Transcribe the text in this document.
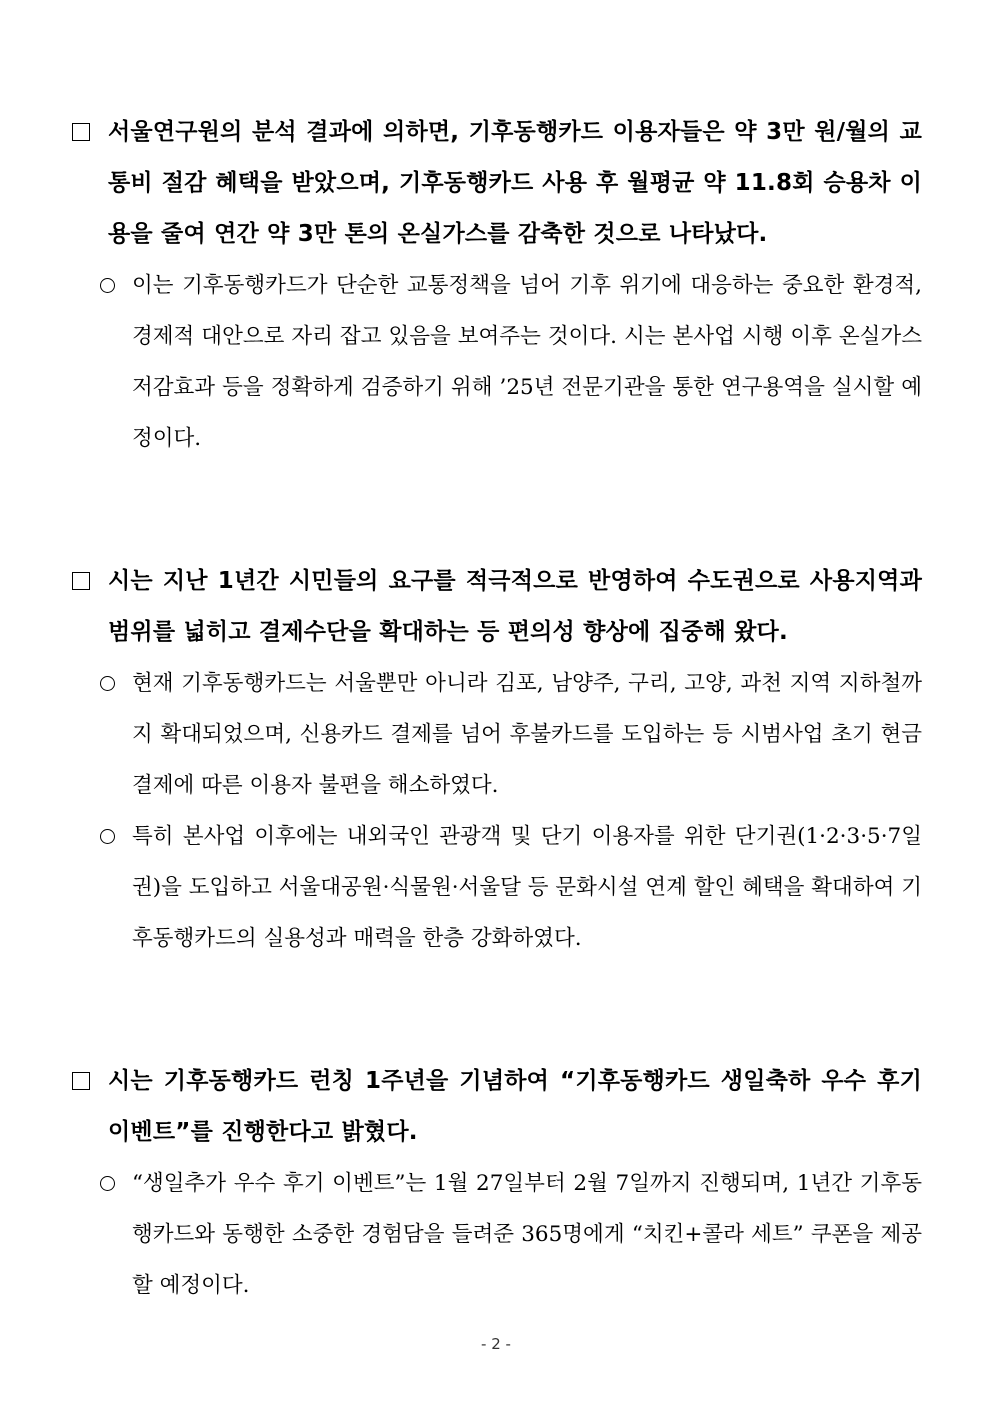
서울연구원의 분석 결과에 의하면, 기후동행카드 이용자들은 약 3만 원/월의 교통비 절감 혜택을 받았으며, 기후동행카드 사용 후 월평균 약 11.8회 승용차 이용을 줄여 연간 약 3만 톤의 온실가스를 감축한 것으로 나타났다.
이는 기후동행카드가 단순한 교통정책을 넘어 기후 위기에 대응하는 중요한 환경적, 경제적 대안으로 자리 잡고 있음을 보여주는 것이다. 시는 본사업 시행 이후 온실가스 저감효과 등을 정확하게 검증하기 위해 ’25년 전문기관을 통한 연구용역을 실시할 예정이다.
시는 지난 1년간 시민들의 요구를 적극적으로 반영하여 수도권으로 사용지역과 범위를 넓히고 결제수단을 확대하는 등 편의성 향상에 집중해 왔다.
현재 기후동행카드는 서울뿐만 아니라 김포, 남양주, 구리, 고양, 과천 지역 지하철까지 확대되었으며, 신용카드 결제를 넘어 후불카드를 도입하는 등 시범사업 초기 현금결제에 따른 이용자 불편을 해소하였다.
특히 본사업 이후에는 내외국인 관광객 및 단기 이용자를 위한 단기권(1·2·3·5·7일권)을 도입하고 서울대공원·식물원·서울달 등 문화시설 연계 할인 혜택을 확대하여 기후동행카드의 실용성과 매력을 한층 강화하였다.
시는 기후동행카드 런칭 1주년을 기념하여 “기후동행카드 생일축하 우수 후기 이벤트”를 진행한다고 밝혔다.
“생일추가 우수 후기 이벤트”는 1월 27일부터 2월 7일까지 진행되며, 1년간 기후동행카드와 동행한 소중한 경험담을 들려준 365명에게 “치킨+콜라 세트” 쿠폰을 제공할 예정이다.
- 2 -
